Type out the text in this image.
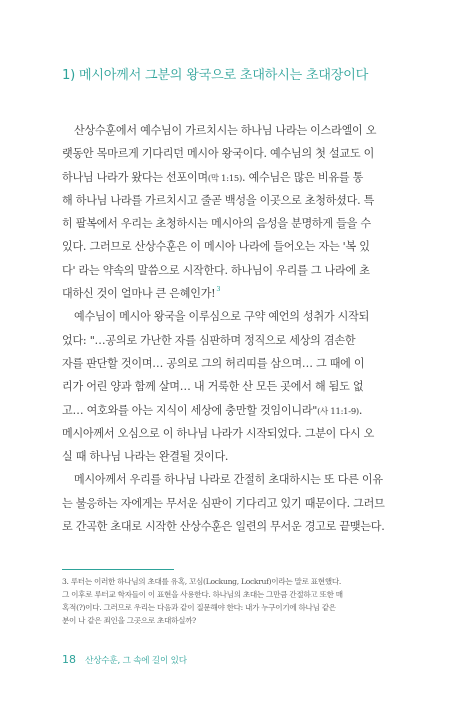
1) 메시아께서 그분의 왕국으로 초대하시는 초대장이다
산상수훈에서 예수님이 가르치시는 하나님 나라는 이스라엘이 오
랫동안 목마르게 기다리던 메시아 왕국이다. 예수님의 첫 설교도 이
하나님 나라가 왔다는 선포이며(막 1:15). 예수님은 많은 비유를 통
해 하나님 나라를 가르치시고 줄곧 백성을 이곳으로 초청하셨다. 특
히 팔복에서 우리는 초청하시는 메시아의 음성을 분명하게 들을 수
있다. 그러므로 산상수훈은 이 메시아 나라에 들어오는 자는 '복 있
다' 라는 약속의 말씀으로 시작한다. 하나님이 우리를 그 나라에 초
대하신 것이 얼마나 큰 은혜인가!$^3$
예수님이 메시아 왕국을 이루심으로 구약 예언의 성취가 시작되
었다: "…공의로 가난한 자를 심판하며 정직으로 세상의 겸손한
자를 판단할 것이며… 공의로 그의 허리띠를 삼으며… 그 때에 이
리가 어린 양과 함께 살며… 내 거룩한 산 모든 곳에서 해 됨도 없
고… 여호와를 아는 지식이 세상에 충만할 것임이니라"(사 11:1-9).
메시아께서 오심으로 이 하나님 나라가 시작되었다. 그분이 다시 오
실 때 하나님 나라는 완결될 것이다.
메시아께서 우리를 하나님 나라로 간절히 초대하시는 또 다른 이유
는 불응하는 자에게는 무서운 심판이 기다리고 있기 때문이다. 그러므
로 간곡한 초대로 시작한 산상수훈은 일련의 무서운 경고로 끝맺는다.
3. 루터는 이러한 하나님의 초대를 유혹, 꼬심(Lockung, Lockruf)이라는 말로 표현했다.
그 이후로 루터교 학자들이 이 표현을 사용한다. 하나님의 초대는 그만큼 간절하고 또한 매
혹적(?)이다. 그러므로 우리는 다음과 같이 질문해야 한다: 내가 누구이기에 하나님 같은
분이 나 같은 죄인을 그곳으로 초대하실까?
18 산상수훈, 그 속에 길이 있다
